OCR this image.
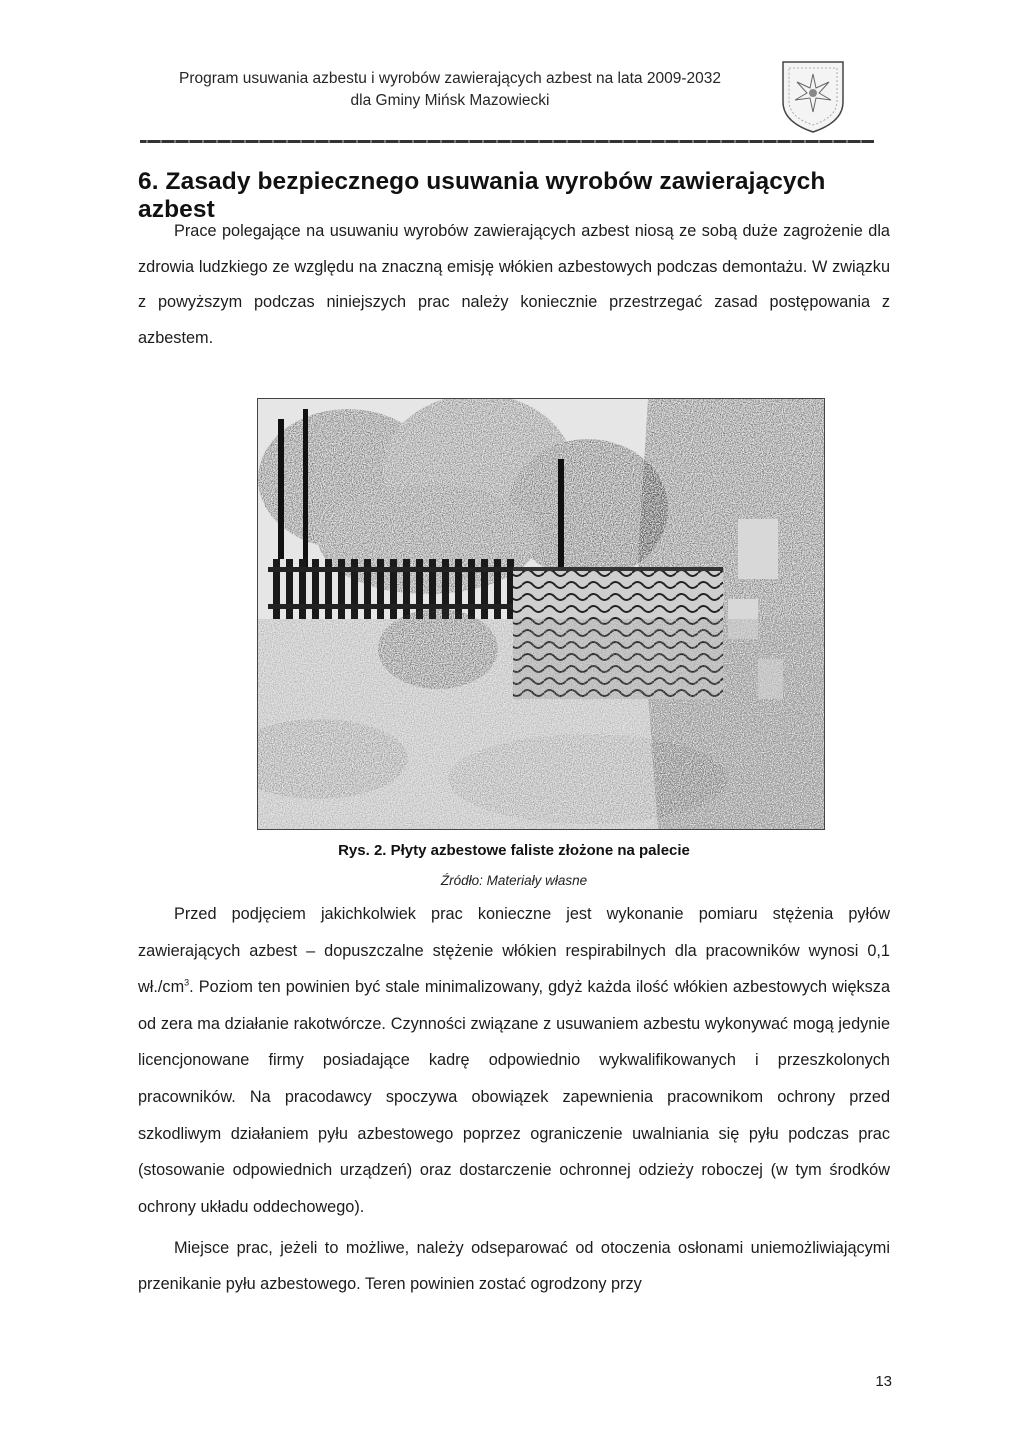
Program usuwania azbestu i wyrobów zawierających azbest na lata 2009-2032
dla Gminy Mińsk Mazowiecki
6. Zasady bezpiecznego usuwania wyrobów zawierających azbest
Prace polegające na usuwaniu wyrobów zawierających azbest niosą ze sobą duże zagrożenie dla zdrowia ludzkiego ze względu na znaczną emisję włókien azbestowych podczas demontażu. W związku z powyższym podczas niniejszych prac należy koniecznie przestrzegać zasad postępowania z azbestem.
Rys. 2. Płyty azbestowe faliste złożone na palecie
Źródło: Materiały własne
Przed podjęciem jakichkolwiek prac konieczne jest wykonanie pomiaru stężenia pyłów zawierających azbest – dopuszczalne stężenie włókien respirabilnych dla pracowników wynosi 0,1 $wł./cm^3$. Poziom ten powinien być stale minimalizowany, gdyż każda ilość włókien azbestowych większa od zera ma działanie rakotwórcze. Czynności związane z usuwaniem azbestu wykonywać mogą jedynie licencjonowane firmy posiadające kadrę odpowiednio wykwalifikowanych i przeszkolonych pracowników. Na pracodawcy spoczywa obowiązek zapewnienia pracownikom ochrony przed szkodliwym działaniem pyłu azbestowego poprzez ograniczenie uwalniania się pyłu podczas prac (stosowanie odpowiednich urządzeń) oraz dostarczenie ochronnej odzieży roboczej (w tym środków ochrony układu oddechowego).
Miejsce prac, jeżeli to możliwe, należy odseparować od otoczenia osłonami uniemożliwiającymi przenikanie pyłu azbestowego. Teren powinien zostać ogrodzony przy
13
